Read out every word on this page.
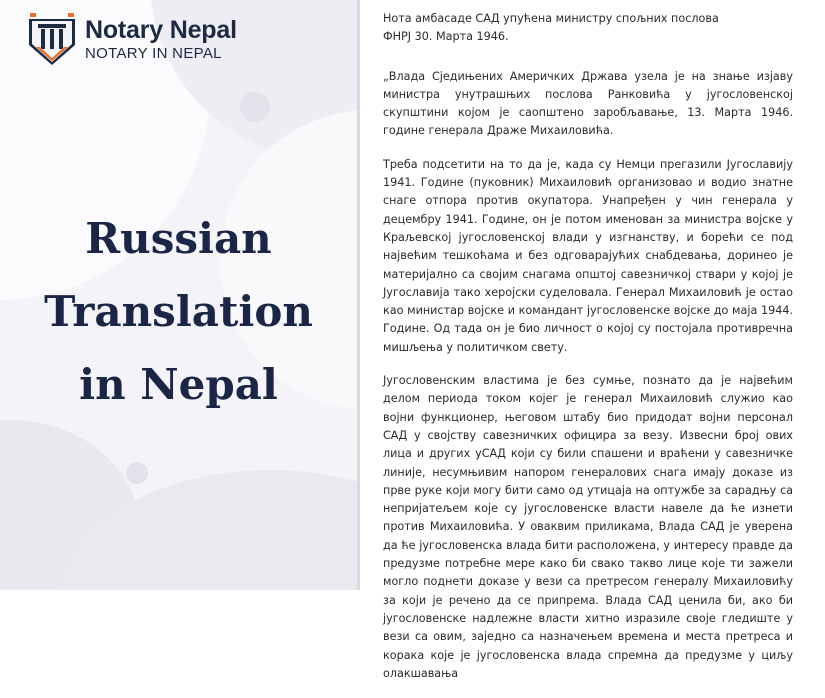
Notary Nepal
NOTARY IN NEPAL
Russian
Translation
in Nepal

Нота амбасаде САД упућена министру спољних послова
ФНРЈ 30. Марта 1946.

„Влада Сједињених Америчких Држава узела је на знање изјаву министра унутрашњих послова Ранковића у југословенској скупштини којом је саопштено заробљавање, 13. Марта 1946. године генерала Драже Михаиловића.

Треба подсетити на то да је, када су Немци прегазили Југославију 1941. Године (пуковник) Михаиловић организовао и водио знатне снаге отпора против окупатора. Унапређен у чин генерала у децембру 1941. Године, он је потом именован за министра војске у Краљевској југословенској влади у изгнанству, и борећи се под највећим тешкоћама и без одговарајућих снабдевања, доринео је материјално са својим снагама општој савезничкој ствари у којој је Југославија тако херојски суделовала. Генерал Михаиловић је остао као министар војске и командант југословенске војске до маја 1944. Године. Од тада он је био личност о којој су постојала противречна мишљења у политичком свету.

Југословенским властима је без сумње, познато да је највећим делом периода током којег је генерал Михаиловић служио као војни функционер, његовом штабу био придодат војни персонал САД у својству савезничких официра за везу. Извесни број ових лица и других уСАД који су били спашени и враћени у савезничке линије, несумњивим напором генераловиx снага имају доказе из прве руке који могу бити само од утицаја на оптужбе за сарадњу са непријатељем које су југословенске власти навеле да ће изнети против Михаиловића. У оваквим приликама, Влада САД је уверена да ће југословенска влада бити расположена, у интересу правде да предузме потребне мере како би свако такво лице које ти зажели могло поднети доказе у вези са претресом генералу Михаиловићу за који је речено да се припрема. Влада САД ценила би, ако би југословенске надлежне власти хитно изразиле своје гледиште у вези са овим, заједно са назначењем времена и места претреса и корака које је југословенска влада спремна да предузме у циљу олакшавања
